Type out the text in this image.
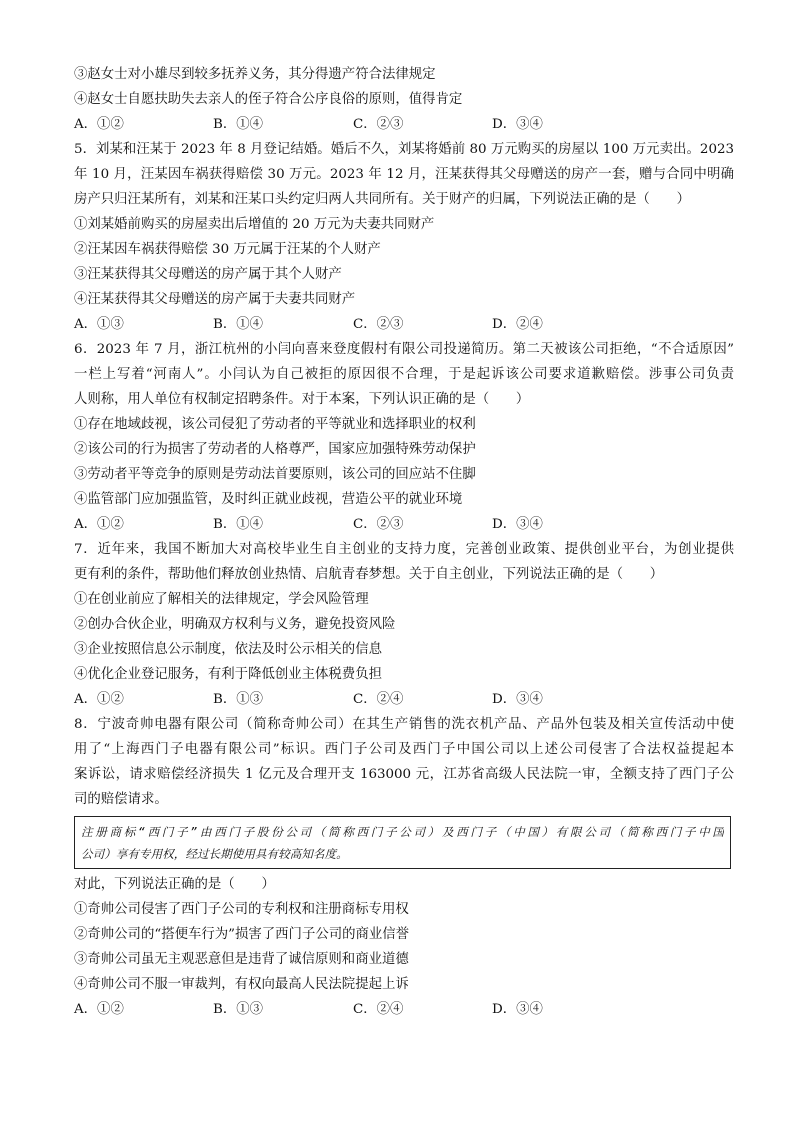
③赵女士对小雄尽到较多抚养义务，其分得遗产符合法律规定
④赵女士自愿扶助失去亲人的侄子符合公序良俗的原则，值得肯定
A．①②	B．①④	C．②③	D．③④
5．刘某和汪某于 2023 年 8 月登记结婚。婚后不久，刘某将婚前 80 万元购买的房屋以 100 万元卖出。2023
年 10 月，汪某因车祸获得赔偿 30 万元。2023 年 12 月，汪某获得其父母赠送的房产一套，赠与合同中明确
房产只归汪某所有，刘某和汪某口头约定归两人共同所有。关于财产的归属，下列说法正确的是（　　）
①刘某婚前购买的房屋卖出后增值的 20 万元为夫妻共同财产
②汪某因车祸获得赔偿 30 万元属于汪某的个人财产
③汪某获得其父母赠送的房产属于其个人财产
④汪某获得其父母赠送的房产属于夫妻共同财产
A．①③	B．①④	C．②③	D．②④
6．2023 年 7 月，浙江杭州的小闫向喜来登度假村有限公司投递简历。第二天被该公司拒绝，“不合适原因”
一栏上写着“河南人”。小闫认为自己被拒的原因很不合理，于是起诉该公司要求道歉赔偿。涉事公司负责
人则称，用人单位有权制定招聘条件。对于本案，下列认识正确的是（　　）
①存在地域歧视，该公司侵犯了劳动者的平等就业和选择职业的权利
②该公司的行为损害了劳动者的人格尊严，国家应加强特殊劳动保护
③劳动者平等竞争的原则是劳动法首要原则，该公司的回应站不住脚
④监管部门应加强监管，及时纠正就业歧视，营造公平的就业环境
A．①②	B．①④	C．②③	D．③④
7．近年来，我国不断加大对高校毕业生自主创业的支持力度，完善创业政策、提供创业平台，为创业提供
更有利的条件，帮助他们释放创业热情、启航青春梦想。关于自主创业，下列说法正确的是（　　）
①在创业前应了解相关的法律规定，学会风险管理
②创办合伙企业，明确双方权利与义务，避免投资风险
③企业按照信息公示制度，依法及时公示相关的信息
④优化企业登记服务，有利于降低创业主体税费负担
A．①②	B．①③	C．②④	D．③④
8．宁波奇帅电器有限公司（简称奇帅公司）在其生产销售的洗衣机产品、产品外包装及相关宣传活动中使
用了“上海西门子电器有限公司”标识。西门子公司及西门子中国公司以上述公司侵害了合法权益提起本
案诉讼，请求赔偿经济损失 1 亿元及合理开支 163000 元，江苏省高级人民法院一审，全额支持了西门子公
司的赔偿请求。
注册商标“西门子”由西门子股份公司（简称西门子公司）及西门子（中国）有限公司（简称西门子中国
公司）享有专用权，经过长期使用具有较高知名度。
对此，下列说法正确的是（　　）
①奇帅公司侵害了西门子公司的专利权和注册商标专用权
②奇帅公司的“搭便车行为”损害了西门子公司的商业信誉
③奇帅公司虽无主观恶意但是违背了诚信原则和商业道德
④奇帅公司不服一审裁判，有权向最高人民法院提起上诉
A．①②	B．①③	C．②④	D．③④
